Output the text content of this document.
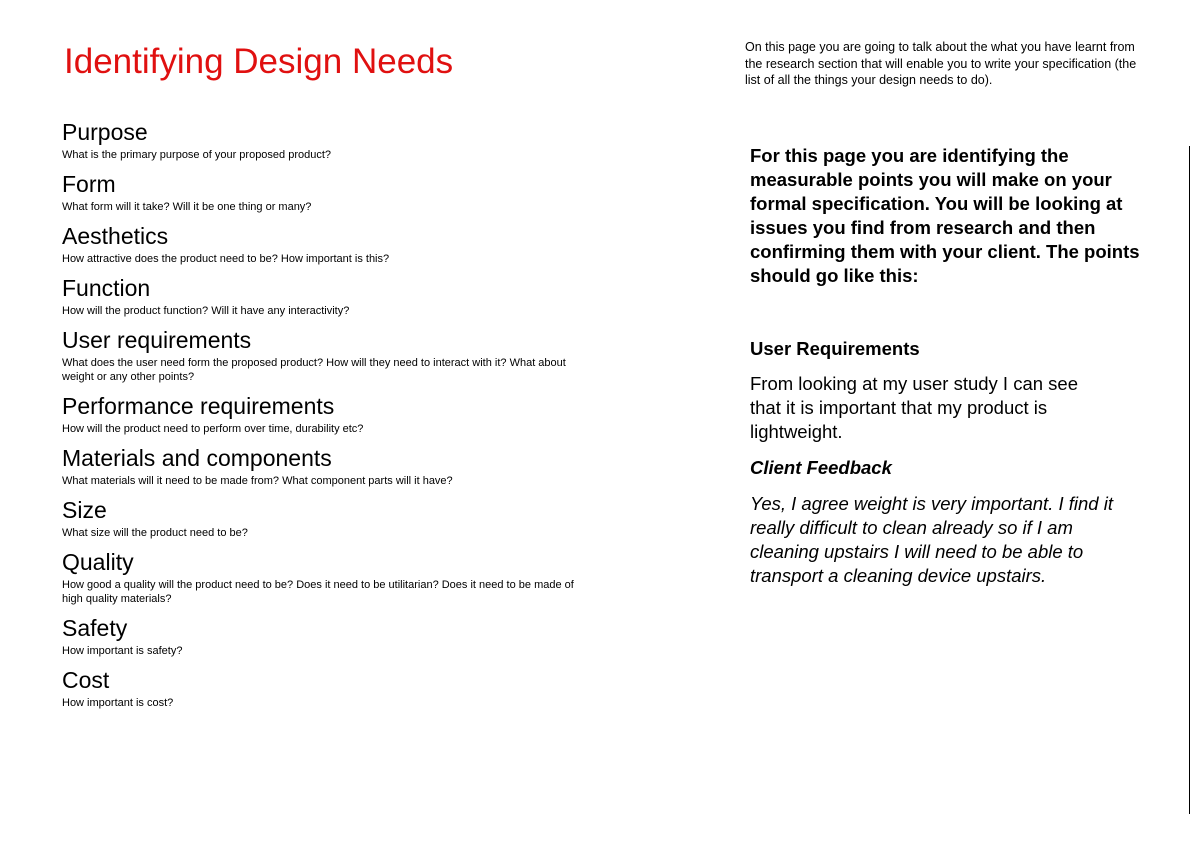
Identifying Design Needs
Purpose
What is the primary purpose of your proposed product?
Form
What form will it take? Will it be one thing or many?
Aesthetics
How attractive does the product need to be? How important is this?
Function
How will the product function? Will it have any interactivity?
User requirements
What does the user need form the proposed product? How will they need to interact with it? What about weight or any other points?
Performance requirements
How will the product need to perform over time, durability etc?
Materials and components
What materials will it need to be made from? What component parts will it have?
Size
What size will the product need to be?
Quality
How good a quality will the product need to be? Does it need to be utilitarian? Does it need to be made of high quality materials?
Safety
How important is safety?
Cost
How important is cost?
On this page you are going to talk about the what you have learnt from the research section that will enable you to write your specification (the list of all the things your design needs to do).
For this page you are identifying the measurable points you will make on your formal specification. You will be looking at issues you find from research and then confirming them with your client. The points should go like this:
User Requirements
From looking at my user study I can see that it is important that my product is lightweight.
Client Feedback
Yes, I agree weight is very important. I find it really difficult to clean already so if I am cleaning upstairs I will need to be able to transport a cleaning device upstairs.
